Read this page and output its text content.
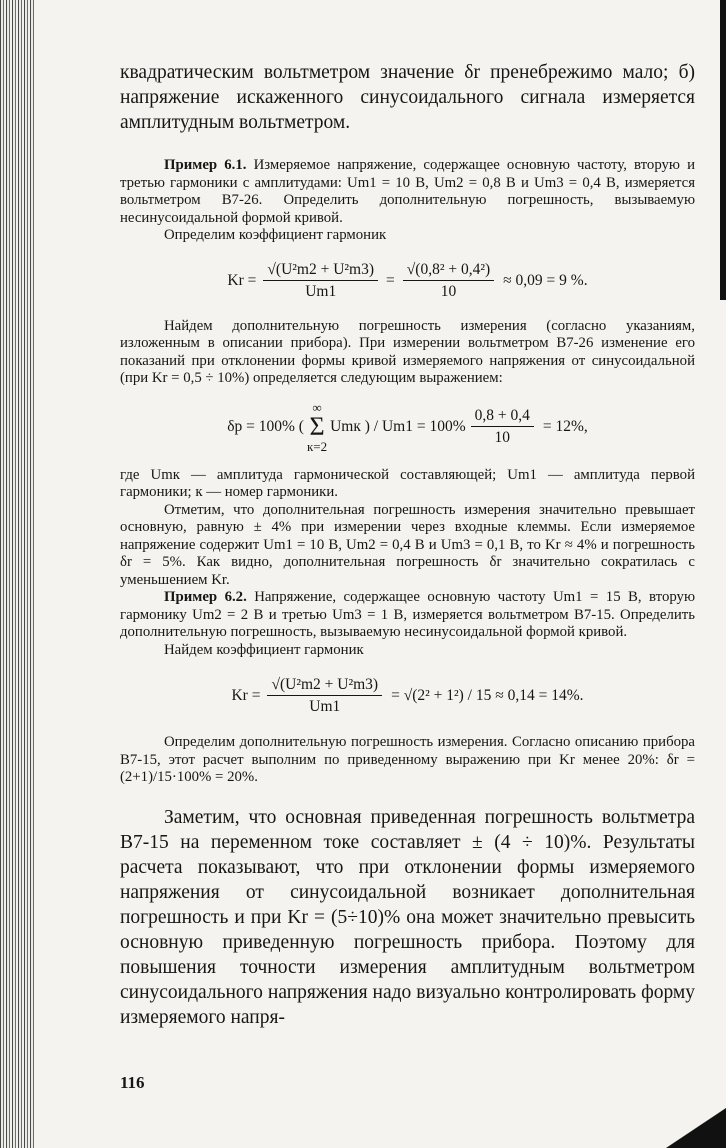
квадратическим вольтметром значение δr пренебрежимо мало; б) напряжение искаженного синусоидального сигнала измеряется амплитудным вольтметром.

Пример 6.1. Измеряемое напряжение, содержащее основную частоту, вторую и третью гармоники с амплитудами: Um1 = 10 В, Um2 = 0,8 В и Um3 = 0,4 В, измеряется вольтметром В7-26. Определить дополнительную погрешность, вызываемую несинусоидальной формой кривой.

Определим коэффициент гармоник

$Kr = \frac{\text{√(U²m2 + U²m3)}}{Um1} = \frac{\text{√(0,8² + 0,4²)}}{10} \approx 0,09 = 9$ %.

Найдем дополнительную погрешность измерения (согласно указаниям, изложенным в описании прибора). При измерении вольтметром В7-26 изменение его показаний при отклонении формы кривой измеряемого напряжения от синусоидальной (при Kr = 0,5 ÷ 10%) определяется следующим выражением:

δp = 100% (
∞
Σ
к=2
Umк ) / $Um1 = 100\% \frac{0,8 + 0,4}{10} = 12\%$,

где Umк — амплитуда гармонической составляющей; Um1 — амплитуда первой гармоники; к — номер гармоники.

Отметим, что дополнительная погрешность измерения значительно превышает основную, равную ± 4% при измерении через входные клеммы. Если измеряемое напряжение содержит Um1 = 10 В, Um2 = 0,4 В и Um3 = 0,1 В, то Kr ≈ 4% и погрешность δr = 5%. Как видно, дополнительная погрешность δr значительно сократилась с уменьшением Kr.

Пример 6.2. Напряжение, содержащее основную частоту Um1 = 15 В, вторую гармонику Um2 = 2 В и третью Um3 = 1 В, измеряется вольтметром В7-15. Определить дополнительную погрешность, вызываемую несинусоидальной формой кривой.

Найдем коэффициент гармоник

$Kr = \frac{\text{√(U²m2 + U²m3)}}{Um1} = √(2^2 + 1^2) / 15 \approx 0,14 = 14\%$.

Определим дополнительную погрешность измерения. Согласно описанию прибора В7-15, этот расчет выполним по приведенному выражению при Kr менее 20%: δr = (2+1)/15·100% = 20%.

Заметим, что основная приведенная погрешность вольтметра В7-15 на переменном токе составляет ± (4 ÷ 10)%. Результаты расчета показывают, что при отклонении формы измеряемого напряжения от синусоидальной возникает дополнительная погрешность и при Kr = (5÷10)% она может значительно превысить основную приведенную погрешность прибора. Поэтому для повышения точности измерения амплитудным вольтметром синусоидального напряжения надо визуально контролировать форму измеряемого напря-

116
